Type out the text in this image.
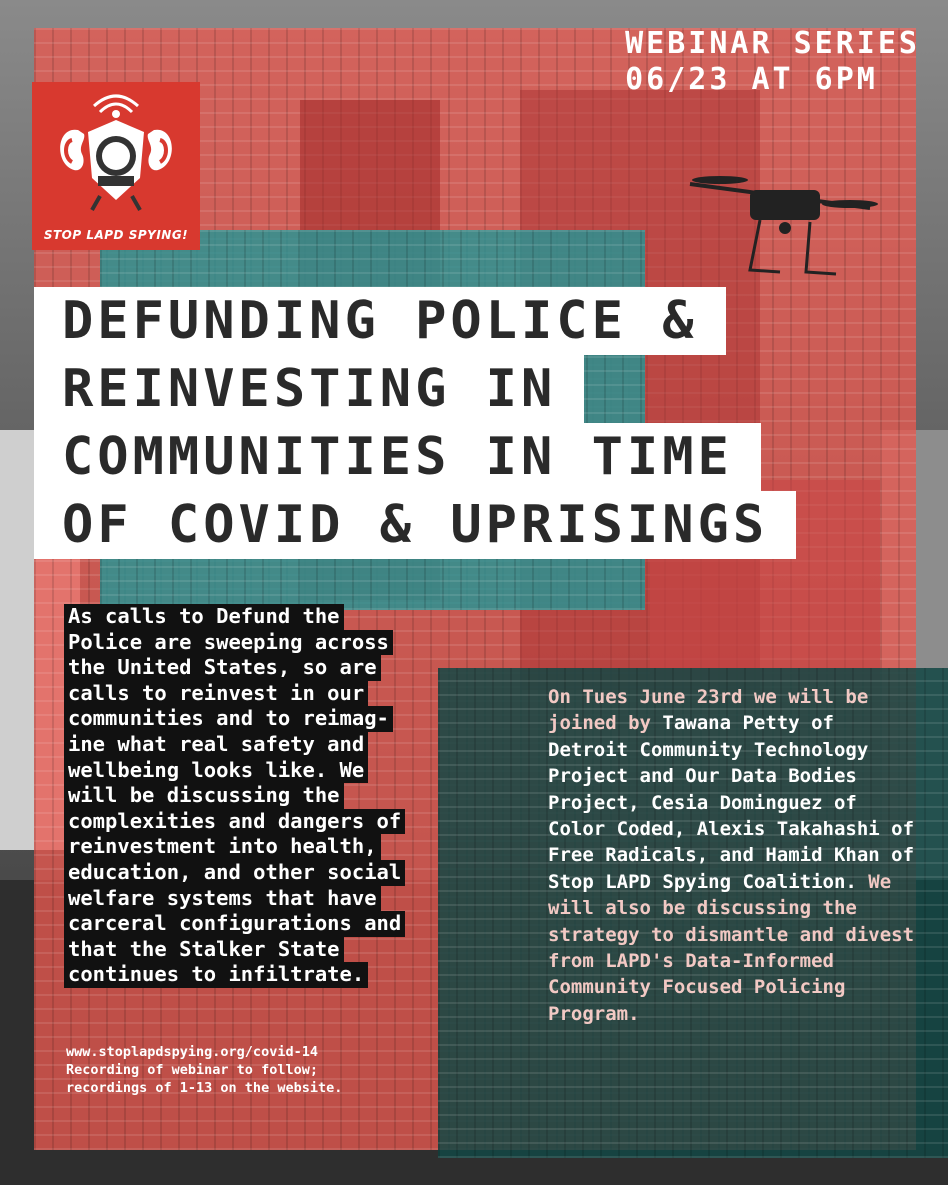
WEBINAR SERIES
06/23 AT 6PM
STOP LAPD SPYING!
DEFUNDING POLICE &
REINVESTING IN
COMMUNITIES IN TIME
OF COVID & UPRISINGS
As calls to Defund the
Police are sweeping across
the United States, so are
calls to reinvest in our
communities and to reimag-
ine what real safety and
wellbeing looks like. We
will be discussing the
complexities and dangers of
reinvestment into health,
education, and other social
welfare systems that have
carceral configurations and
that the Stalker State
continues to infiltrate.
On Tues June 23rd we will be joined by Tawana Petty of Detroit Community Technology Project and Our Data Bodies Project, Cesia Dominguez of Color Coded, Alexis Takahashi of Free Radicals, and Hamid Khan of Stop LAPD Spying Coalition. We will also be discussing the strategy to dismantle and divest from LAPD's Data-Informed Community Focused Policing Program.
www.stoplapdspying.org/covid-14
Recording of webinar to follow;
recordings of 1-13 on the website.
